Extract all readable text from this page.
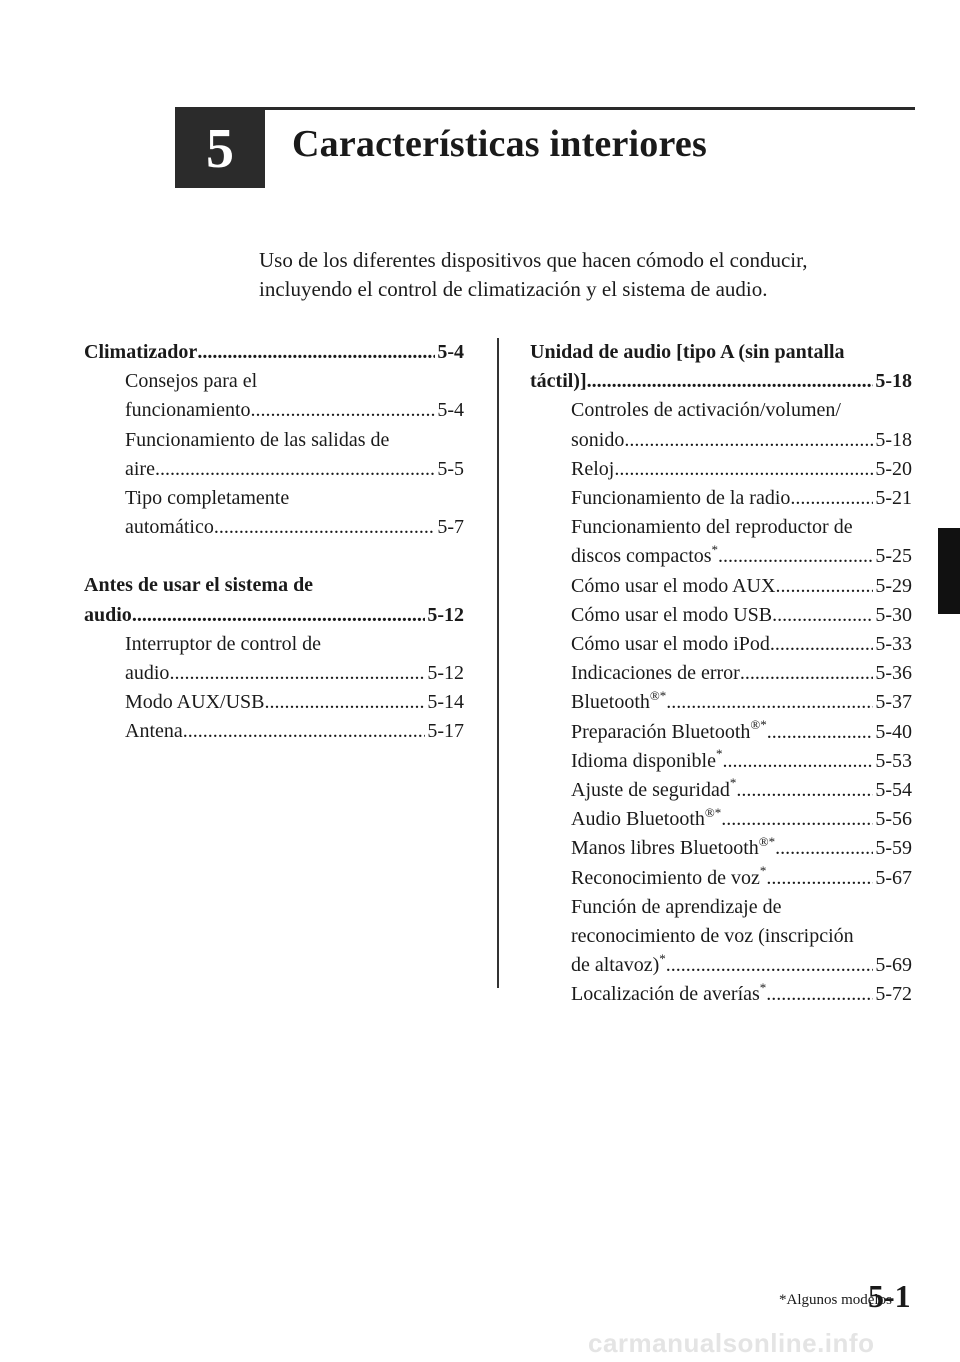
5 Características interiores
Uso de los diferentes dispositivos que hacen cómodo el conducir,
incluyendo el control de climatización y el sistema de audio.
Climatizador .....	5-4
Consejos para el
funcionamiento .....	5-4
Funcionamiento de las salidas de
aire .....	5-5
Tipo completamente
automático .....	5-7
Antes de usar el sistema de
audio .....	5-12
Interruptor de control de
audio .....	5-12
Modo AUX/USB .....	5-14
Antena .....	5-17
Unidad de audio [tipo A (sin pantalla
táctil)] .....	5-18
Controles de activación/volumen/
sonido .....	5-18
Reloj .....	5-20
Funcionamiento de la radio .....	5-21
Funcionamiento del reproductor de
discos compactos* .....	5-25
Cómo usar el modo AUX .....	5-29
Cómo usar el modo USB .....	5-30
Cómo usar el modo iPod .....	5-33
Indicaciones de error .....	5-36
Bluetooth®* .....	5-37
Preparación Bluetooth®* .....	5-40
Idioma disponible* .....	5-53
Ajuste de seguridad* .....	5-54
Audio Bluetooth®* .....	5-56
Manos libres Bluetooth®* .....	5-59
Reconocimiento de voz* .....	5-67
Función de aprendizaje de
reconocimiento de voz (inscripción
de altavoz)* .....	5-69
Localización de averías* .....	5-72
*Algunos modelos
5-1
carmanualsonline.info
